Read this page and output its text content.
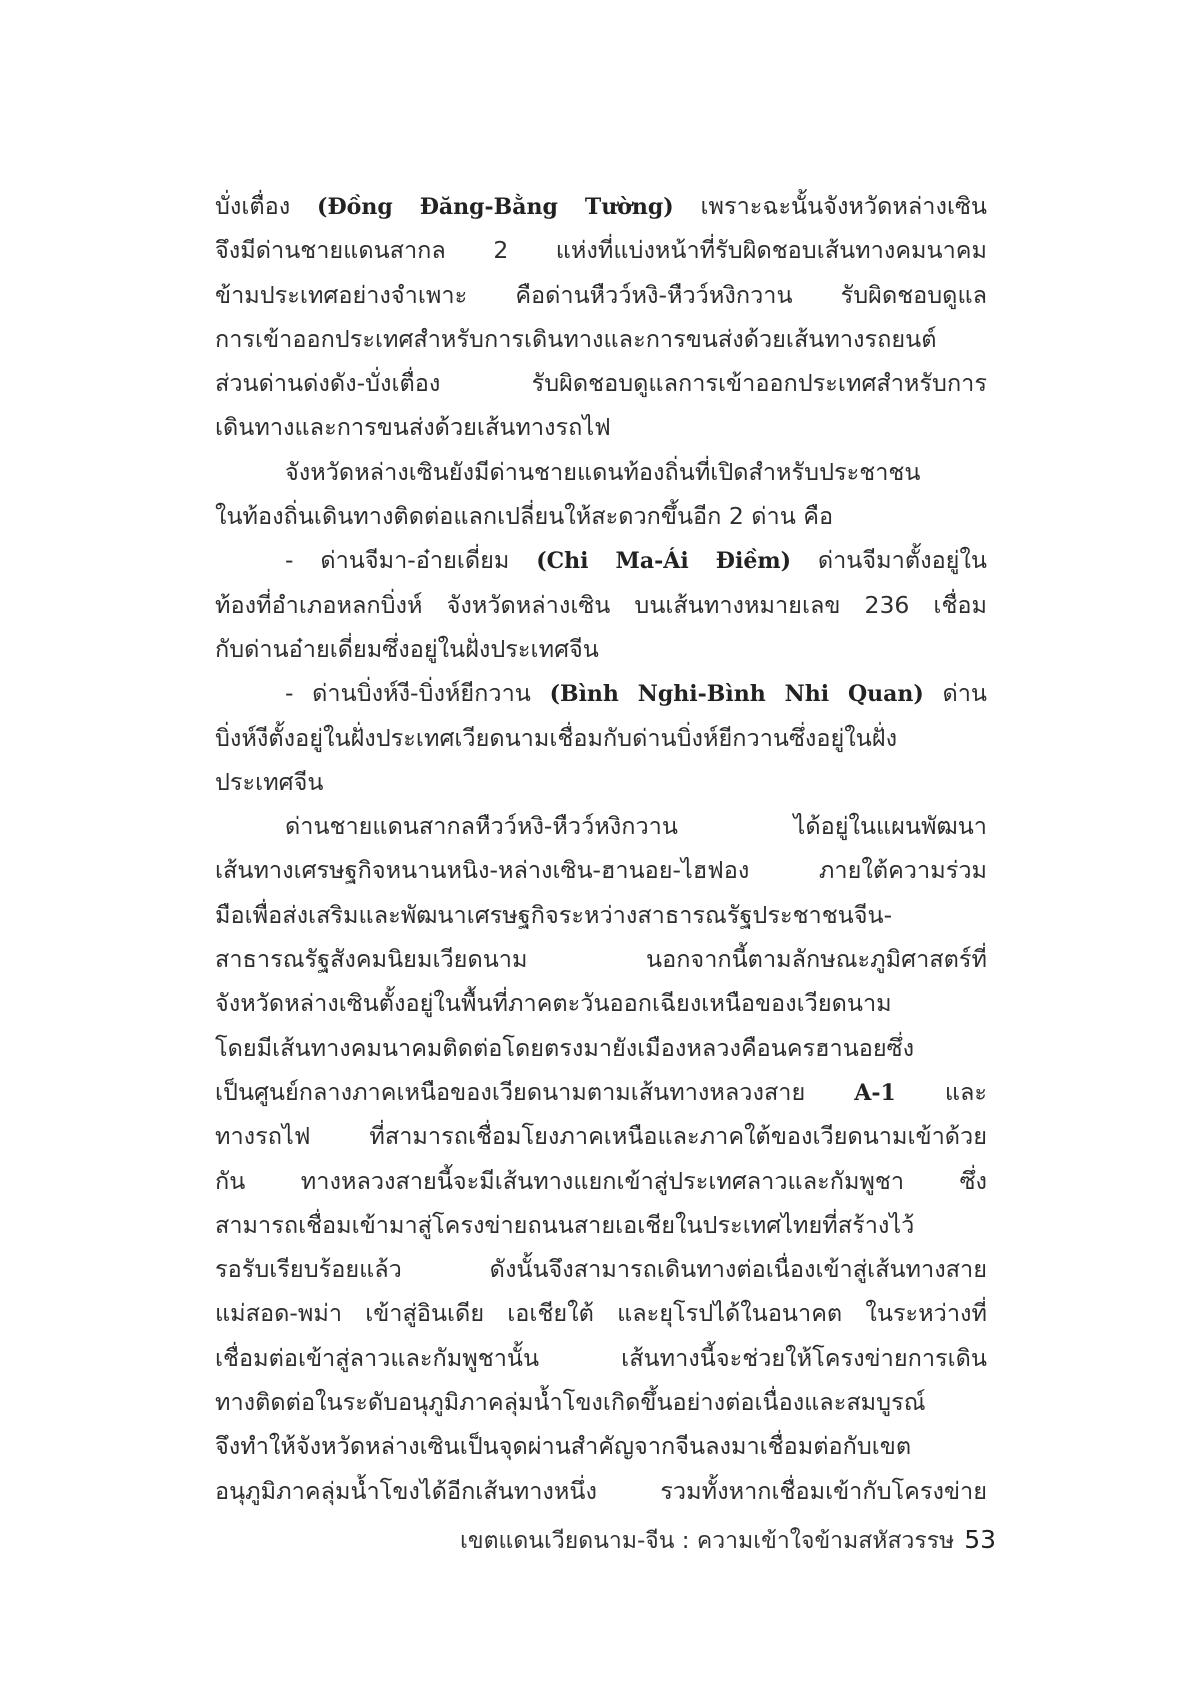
บั่งเตื่อง (Đồng Đăng-Bằng Tường) เพราะฉะนั้นจังหวัดหล่างเซิน
จึงมีด่านชายแดนสากล 2 แห่งที่แบ่งหน้าที่รับผิดชอบเส้นทางคมนาคม
ข้ามประเทศอย่างจำเพาะ คือด่านหืวว์หงิ-หืวว์หงิกวาน รับผิดชอบดูแล
การเข้าออกประเทศสำหรับการเดินทางและการขนส่งด้วยเส้นทางรถยนต์
ส่วนด่านด่งดัง-บั่งเตื่อง รับผิดชอบดูแลการเข้าออกประเทศสำหรับการ
เดินทางและการขนส่งด้วยเส้นทางรถไฟ
จังหวัดหล่างเซินยังมีด่านชายแดนท้องถิ่นที่เปิดสำหรับประชาชน
ในท้องถิ่นเดินทางติดต่อแลกเปลี่ยนให้สะดวกขึ้นอีก 2 ด่าน คือ
- ด่านจีมา-อ๋ายเดี่ยม (Chi Ma-Ái Điềm) ด่านจีมาตั้งอยู่ใน
ท้องที่อำเภอหลกบิ่งห์ จังหวัดหล่างเซิน บนเส้นทางหมายเลข 236 เชื่อม
กับด่านอ๋ายเดี่ยมซึ่งอยู่ในฝั่งประเทศจีน
- ด่านบิ่งห์งี-บิ่งห์ยีกวาน (Bình Nghi-Bình Nhi Quan) ด่าน
บิ่งห์งีตั้งอยู่ในฝั่งประเทศเวียดนามเชื่อมกับด่านบิ่งห์ยีกวานซึ่งอยู่ในฝั่ง
ประเทศจีน
ด่านชายแดนสากลหืวว์หงิ-หืวว์หงิกวาน ได้อยู่ในแผนพัฒนา
เส้นทางเศรษฐกิจหนานหนิง-หล่างเซิน-ฮานอย-ไฮฟอง ภายใต้ความร่วม
มือเพื่อส่งเสริมและพัฒนาเศรษฐกิจระหว่างสาธารณรัฐประชาชนจีน-
สาธารณรัฐสังคมนิยมเวียดนาม นอกจากนี้ตามลักษณะภูมิศาสตร์ที่
จังหวัดหล่างเซินตั้งอยู่ในพื้นที่ภาคตะวันออกเฉียงเหนือของเวียดนาม
โดยมีเส้นทางคมนาคมติดต่อโดยตรงมายังเมืองหลวงคือนครฮานอยซึ่ง
เป็นศูนย์กลางภาคเหนือของเวียดนามตามเส้นทางหลวงสาย A-1 และ
ทางรถไฟ ที่สามารถเชื่อมโยงภาคเหนือและภาคใต้ของเวียดนามเข้าด้วย
กัน ทางหลวงสายนี้จะมีเส้นทางแยกเข้าสู่ประเทศลาวและกัมพูชา ซึ่ง
สามารถเชื่อมเข้ามาสู่โครงข่ายถนนสายเอเชียในประเทศไทยที่สร้างไว้
รอรับเรียบร้อยแล้ว ดังนั้นจึงสามารถเดินทางต่อเนื่องเข้าสู่เส้นทางสาย
แม่สอด-พม่า เข้าสู่อินเดีย เอเชียใต้ และยุโรปได้ในอนาคต ในระหว่างที่
เชื่อมต่อเข้าสู่ลาวและกัมพูชานั้น เส้นทางนี้จะช่วยให้โครงข่ายการเดิน
ทางติดต่อในระดับอนุภูมิภาคลุ่มน้ำโขงเกิดขึ้นอย่างต่อเนื่องและสมบูรณ์
จึงทำให้จังหวัดหล่างเซินเป็นจุดผ่านสำคัญจากจีนลงมาเชื่อมต่อกับเขต
อนุภูมิภาคลุ่มน้ำโขงได้อีกเส้นทางหนึ่ง รวมทั้งหากเชื่อมเข้ากับโครงข่าย
เขตแดนเวียดนาม-จีน : ความเข้าใจข้ามสหัสวรรษ 53
